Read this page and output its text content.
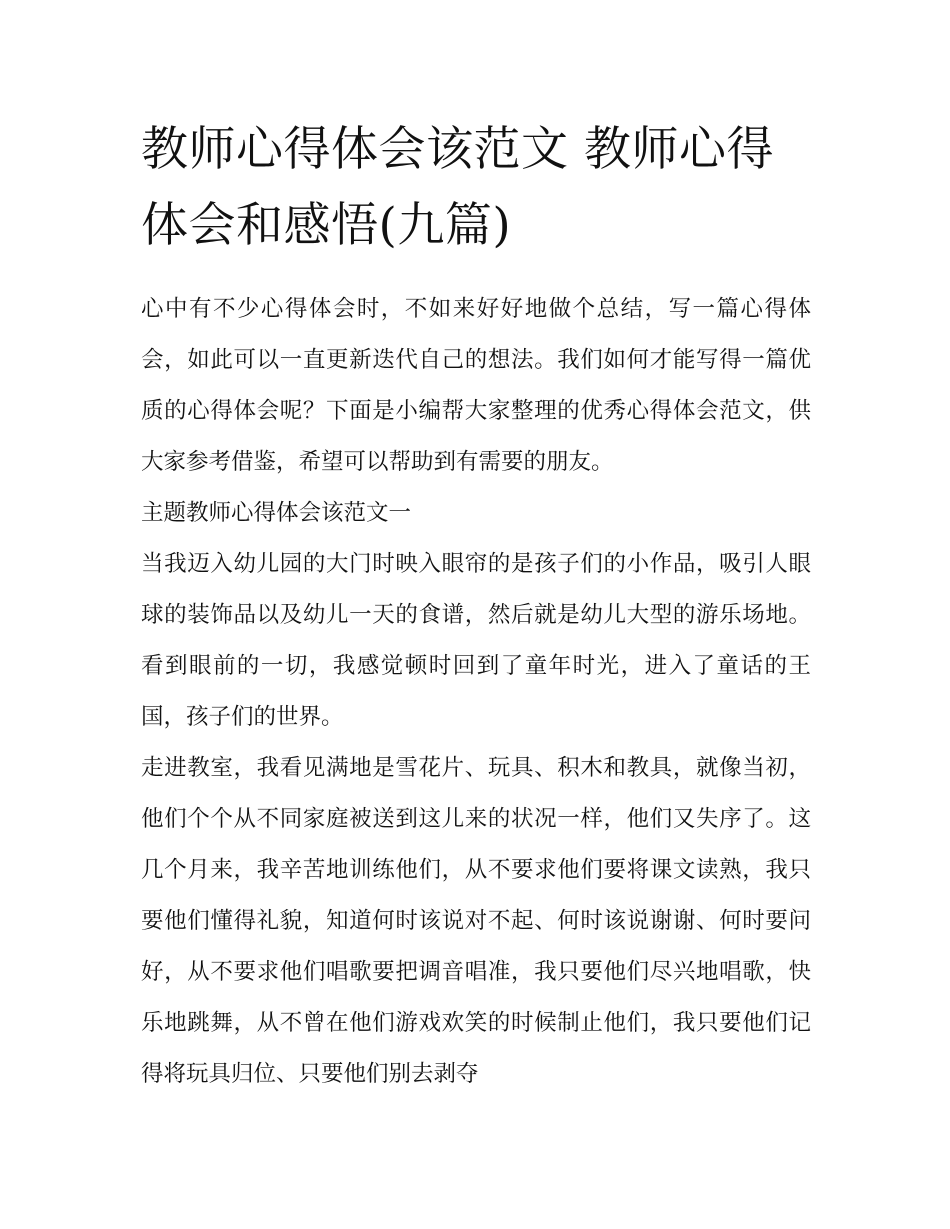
教师心得体会该范文 教师心得体会和感悟(九篇)

心中有不少心得体会时，不如来好好地做个总结，写一篇心得体会，如此可以一直更新迭代自己的想法。我们如何才能写得一篇优质的心得体会呢？下面是小编帮大家整理的优秀心得体会范文，供大家参考借鉴，希望可以帮助到有需要的朋友。

主题教师心得体会该范文一

当我迈入幼儿园的大门时映入眼帘的是孩子们的小作品，吸引人眼球的装饰品以及幼儿一天的食谱，然后就是幼儿大型的游乐场地。看到眼前的一切，我感觉顿时回到了童年时光，进入了童话的王国，孩子们的世界。

走进教室，我看见满地是雪花片、玩具、积木和教具，就像当初，他们个个从不同家庭被送到这儿来的状况一样，他们又失序了。这几个月来，我辛苦地训练他们，从不要求他们要将课文读熟，我只要他们懂得礼貌，知道何时该说对不起、何时该说谢谢、何时要问好，从不要求他们唱歌要把调音唱准，我只要他们尽兴地唱歌，快乐地跳舞，从不曾在他们游戏欢笑的时候制止他们，我只要他们记得将玩具归位、只要他们别去剥夺
